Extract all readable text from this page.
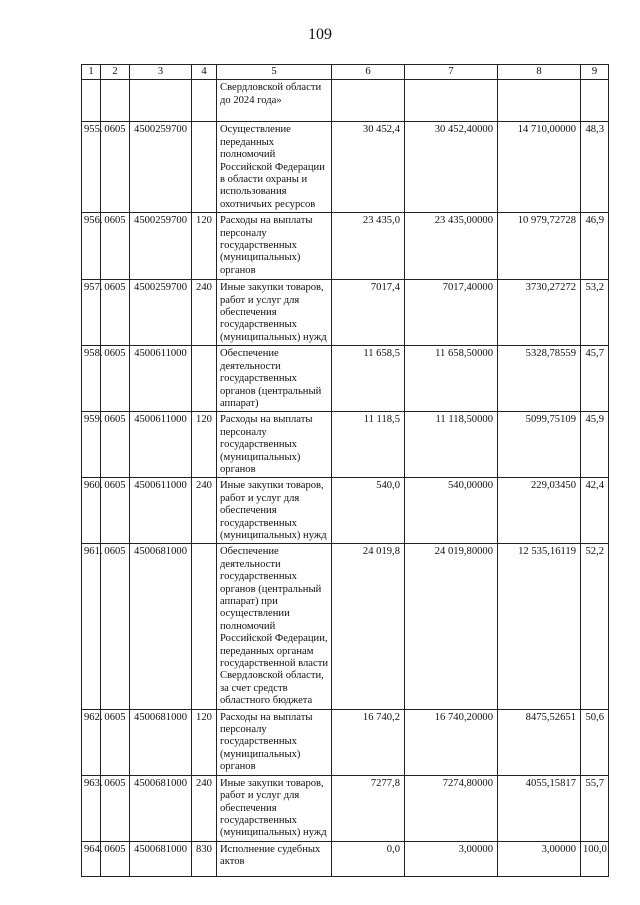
109
1	2	3	4	5	6	7	8	9
				Свердловской области до 2024 года»				
955.	0605	4500259700		Осуществление переданных полномочий Российской Федерации в области охраны и использования охотничьих ресурсов	30 452,4	30 452,40000	14 710,00000	48,3
956.	0605	4500259700	120	Расходы на выплаты персоналу государственных (муниципальных) органов	23 435,0	23 435,00000	10 979,72728	46,9
957.	0605	4500259700	240	Иные закупки товаров, работ и услуг для обеспечения государственных (муниципальных) нужд	7017,4	7017,40000	3730,27272	53,2
958.	0605	4500611000		Обеспечение деятельности государственных органов (центральный аппарат)	11 658,5	11 658,50000	5328,78559	45,7
959.	0605	4500611000	120	Расходы на выплаты персоналу государственных (муниципальных) органов	11 118,5	11 118,50000	5099,75109	45,9
960.	0605	4500611000	240	Иные закупки товаров, работ и услуг для обеспечения государственных (муниципальных) нужд	540,0	540,00000	229,03450	42,4
961.	0605	4500681000		Обеспечение деятельности государственных органов (центральный аппарат) при осуществлении полномочий Российской Федерации, переданных органам государственной власти Свердловской области, за счет средств областного бюджета	24 019,8	24 019,80000	12 535,16119	52,2
962.	0605	4500681000	120	Расходы на выплаты персоналу государственных (муниципальных) органов	16 740,2	16 740,20000	8475,52651	50,6
963.	0605	4500681000	240	Иные закупки товаров, работ и услуг для обеспечения государственных (муниципальных) нужд	7277,8	7274,80000	4055,15817	55,7
964.	0605	4500681000	830	Исполнение судебных актов	0,0	3,00000	3,00000	100,0
